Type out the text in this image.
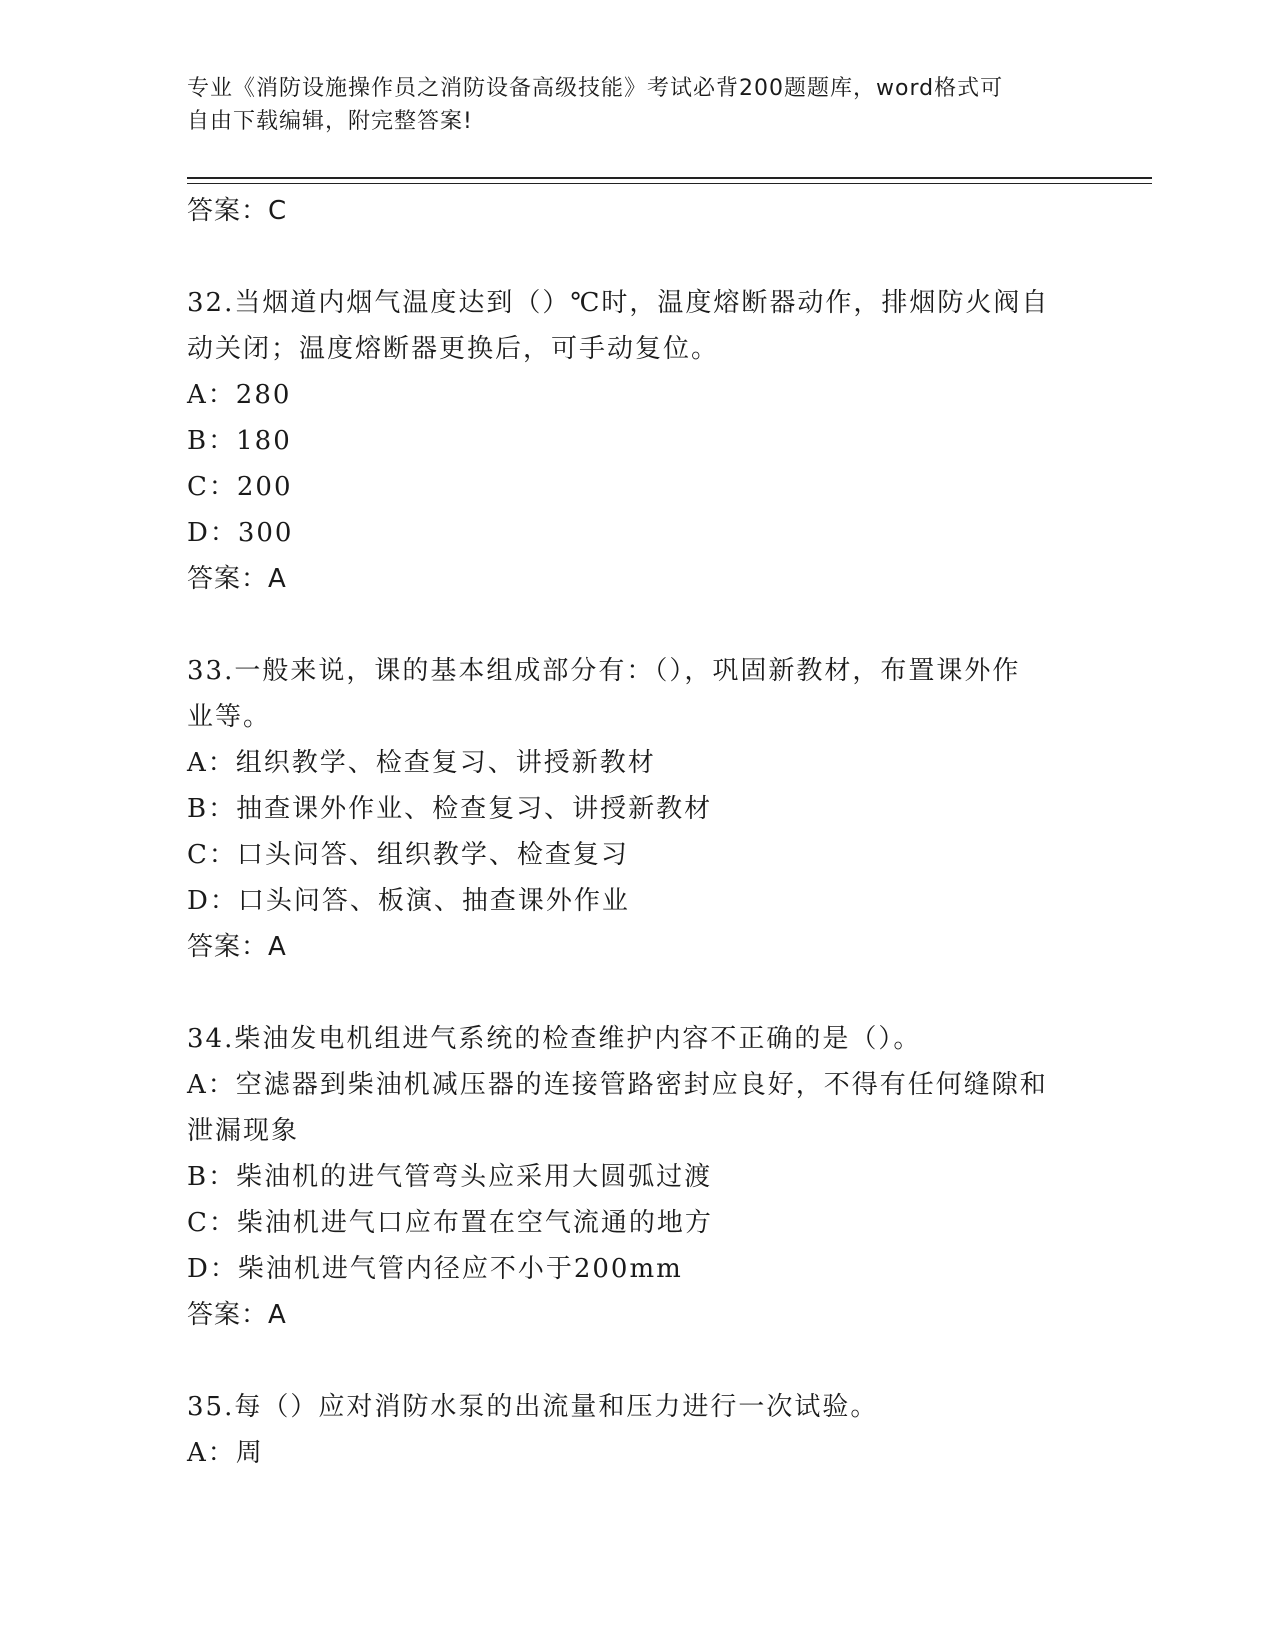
专业《消防设施操作员之消防设备高级技能》考试必背200题题库，word格式可
自由下载编辑，附完整答案!
答案：C
32.当烟道内烟气温度达到（）℃时，温度熔断器动作，排烟防火阀自
动关闭；温度熔断器更换后，可手动复位。
A：280
B：180
C：200
D：300
答案：A
33.一般来说，课的基本组成部分有：（），巩固新教材，布置课外作
业等。
A：组织教学、检查复习、讲授新教材
B：抽查课外作业、检查复习、讲授新教材
C：口头问答、组织教学、检查复习
D：口头问答、板演、抽查课外作业
答案：A
34.柴油发电机组进气系统的检查维护内容不正确的是（）。
A：空滤器到柴油机减压器的连接管路密封应良好，不得有任何缝隙和
泄漏现象
B：柴油机的进气管弯头应采用大圆弧过渡
C：柴油机进气口应布置在空气流通的地方
D：柴油机进气管内径应不小于200mm
答案：A
35.每（）应对消防水泵的出流量和压力进行一次试验。
A：周
